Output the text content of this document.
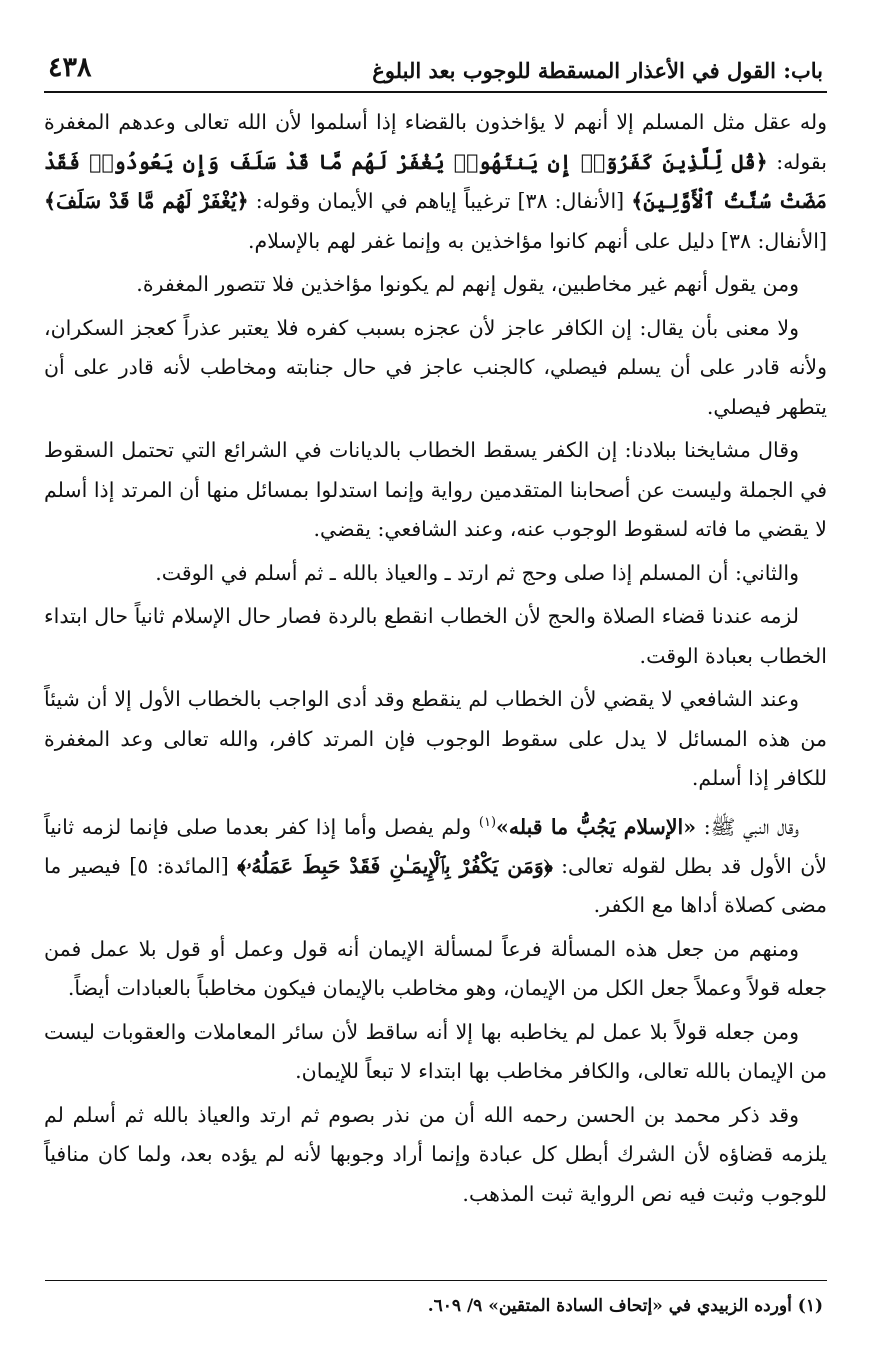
باب: القول في الأعذار المسقطة للوجوب بعد البلوغ
٤٣٨

وله عقل مثل المسلم إلا أنهم لا يؤاخذون بالقضاء إذا أسلموا لأن الله تعالى وعدهم المغفرة بقوله: ﴿قُل لِّلَّذِينَ كَفَرُوٓا۟ إِن يَنتَهُوا۟ يُغْفَرْ لَهُم مَّا قَدْ سَلَفَ وَإِن يَعُودُوا۟ فَقَدْ مَضَتْ سُنَّتُ ٱلْأَوَّلِينَ﴾ [الأنفال: ٣٨] ترغيباً إياهم في الأيمان وقوله: ﴿يُغْفَرْ لَهُم مَّا قَدْ سَلَفَ﴾ [الأنفال: ٣٨] دليل على أنهم كانوا مؤاخذين به وإنما غفر لهم بالإسلام.

ومن يقول أنهم غير مخاطبين، يقول إنهم لم يكونوا مؤاخذين فلا تتصور المغفرة.

ولا معنى بأن يقال: إن الكافر عاجز لأن عجزه بسبب كفره فلا يعتبر عذراً كعجز السكران، ولأنه قادر على أن يسلم فيصلي، كالجنب عاجز في حال جنابته ومخاطب لأنه قادر على أن يتطهر فيصلي.

وقال مشايخنا ببلادنا: إن الكفر يسقط الخطاب بالديانات في الشرائع التي تحتمل السقوط في الجملة وليست عن أصحابنا المتقدمين رواية وإنما استدلوا بمسائل منها أن المرتد إذا أسلم لا يقضي ما فاته لسقوط الوجوب عنه، وعند الشافعي: يقضي.

والثاني: أن المسلم إذا صلى وحج ثم ارتد ـ والعياذ بالله ـ ثم أسلم في الوقت.

لزمه عندنا قضاء الصلاة والحج لأن الخطاب انقطع بالردة فصار حال الإسلام ثانياً حال ابتداء الخطاب بعبادة الوقت.

وعند الشافعي لا يقضي لأن الخطاب لم ينقطع وقد أدى الواجب بالخطاب الأول إلا أن شيئاً من هذه المسائل لا يدل على سقوط الوجوب فإن المرتد كافر، والله تعالى وعد المغفرة للكافر إذا أسلم.

وقال النبي ﷺ: «الإسلام يَجُبُّ ما قبله»$^{(١)}$ ولم يفصل وأما إذا كفر بعدما صلى فإنما لزمه ثانياً لأن الأول قد بطل لقوله تعالى: ﴿وَمَن يَكْفُرْ بِٱلْإِيمَـٰنِ فَقَدْ حَبِطَ عَمَلُهُۥ﴾ [المائدة: ٥] فيصير ما مضى كصلاة أداها مع الكفر.

ومنهم من جعل هذه المسألة فرعاً لمسألة الإيمان أنه قول وعمل أو قول بلا عمل فمن جعله قولاً وعملاً جعل الكل من الإيمان، وهو مخاطب بالإيمان فيكون مخاطباً بالعبادات أيضاً.

ومن جعله قولاً بلا عمل لم يخاطبه بها إلا أنه ساقط لأن سائر المعاملات والعقوبات ليست من الإيمان بالله تعالى، والكافر مخاطب بها ابتداء لا تبعاً للإيمان.

وقد ذكر محمد بن الحسن رحمه الله أن من نذر بصوم ثم ارتد والعياذ بالله ثم أسلم لم يلزمه قضاؤه لأن الشرك أبطل كل عبادة وإنما أراد وجوبها لأنه لم يؤده بعد، ولما كان منافياً للوجوب وثبت فيه نص الرواية ثبت المذهب.

(١) أورده الزبيدي في «إتحاف السادة المتقين» ٩/ ٦٠٩.
